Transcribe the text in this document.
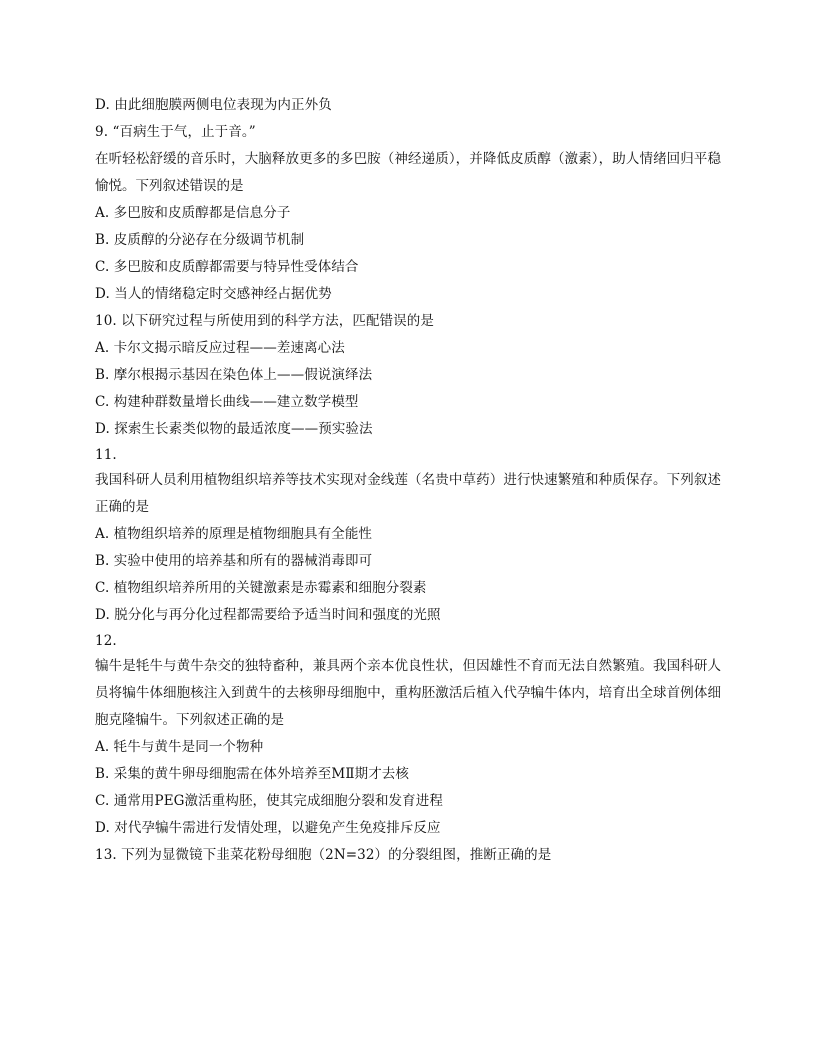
D. 由此细胞膜两侧电位表现为内正外负
9. “百病生于气，止于音。”
在听轻松舒缓的音乐时，大脑释放更多的多巴胺（神经递质），并降低皮质醇（激素），助人情绪回归平稳愉悦。下列叙述错误的是
A. 多巴胺和皮质醇都是信息分子
B. 皮质醇的分泌存在分级调节机制
C. 多巴胺和皮质醇都需要与特异性受体结合
D. 当人的情绪稳定时交感神经占据优势
10. 以下研究过程与所使用到的科学方法，匹配错误的是
A. 卡尔文揭示暗反应过程——差速离心法
B. 摩尔根揭示基因在染色体上——假说演绎法
C. 构建种群数量增长曲线——建立数学模型
D. 探索生长素类似物的最适浓度——预实验法
11.
我国科研人员利用植物组织培养等技术实现对金线莲（名贵中草药）进行快速繁殖和种质保存。下列叙述正确的是
A. 植物组织培养的原理是植物细胞具有全能性
B. 实验中使用的培养基和所有的器械消毒即可
C. 植物组织培养所用的关键激素是赤霉素和细胞分裂素
D. 脱分化与再分化过程都需要给予适当时间和强度的光照
12.
犏牛是牦牛与黄牛杂交的独特畜种，兼具两个亲本优良性状，但因雄性不育而无法自然繁殖。我国科研人员将犏牛体细胞核注入到黄牛的去核卵母细胞中，重构胚激活后植入代孕犏牛体内，培育出全球首例体细胞克隆犏牛。下列叙述正确的是
A. 牦牛与黄牛是同一个物种
B. 采集的黄牛卵母细胞需在体外培养至MⅡ期才去核
C. 通常用PEG激活重构胚，使其完成细胞分裂和发育进程
D. 对代孕犏牛需进行发情处理，以避免产生免疫排斥反应
13. 下列为显微镜下韭菜花粉母细胞（2N=32）的分裂组图，推断正确的是
